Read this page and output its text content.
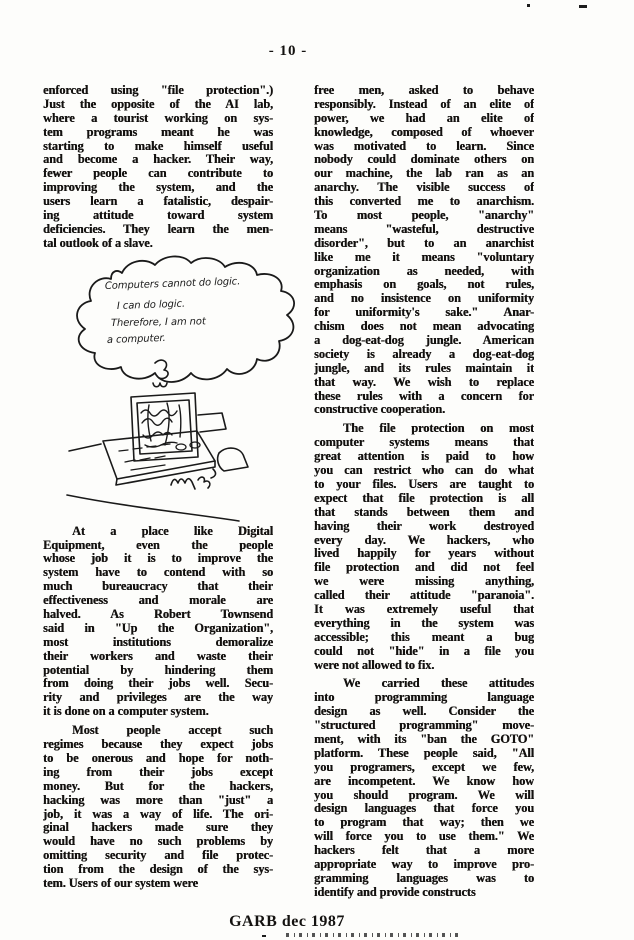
- 10 -
enforced using "file protection".)
Just the opposite of the AI lab,
where a tourist working on sys-
tem programs meant he was
starting to make himself useful
and become a hacker. Their way,
fewer people can contribute to
improving the system, and the
users learn a fatalistic, despair-
ing attitude toward system
deficiencies. They learn the men-
tal outlook of a slave.
Computers cannot do logic.
I can do logic.
Therefore, I am not
a computer.
At a place like Digital
Equipment, even the people
whose job it is to improve the
system have to contend with so
much bureaucracy that their
effectiveness and morale are
halved. As Robert Townsend
said in "Up the Organization",
most institutions demoralize
their workers and waste their
potential by hindering them
from doing their jobs well. Secu-
rity and privileges are the way
it is done on a computer system.
Most people accept such
regimes because they expect jobs
to be onerous and hope for noth-
ing from their jobs except
money. But for the hackers,
hacking was more than "just" a
job, it was a way of life. The ori-
ginal hackers made sure they
would have no such problems by
omitting security and file protec-
tion from the design of the sys-
tem. Users of our system were
free men, asked to behave
responsibly. Instead of an elite of
power, we had an elite of
knowledge, composed of whoever
was motivated to learn. Since
nobody could dominate others on
our machine, the lab ran as an
anarchy. The visible success of
this converted me to anarchism.
To most people, "anarchy"
means "wasteful, destructive
disorder", but to an anarchist
like me it means "voluntary
organization as needed, with
emphasis on goals, not rules,
and no insistence on uniformity
for uniformity's sake." Anar-
chism does not mean advocating
a dog-eat-dog jungle. American
society is already a dog-eat-dog
jungle, and its rules maintain it
that way. We wish to replace
these rules with a concern for
constructive cooperation.
The file protection on most
computer systems means that
great attention is paid to how
you can restrict who can do what
to your files. Users are taught to
expect that file protection is all
that stands between them and
having their work destroyed
every day. We hackers, who
lived happily for years without
file protection and did not feel
we were missing anything,
called their attitude "paranoia".
It was extremely useful that
everything in the system was
accessible; this meant a bug
could not "hide" in a file you
were not allowed to fix.
We carried these attitudes
into programming language
design as well. Consider the
"structured programming" move-
ment, with its "ban the GOTO"
platform. These people said, "All
you programers, except we few,
are incompetent. We know how
you should program. We will
design languages that force you
to program that way; then we
will force you to use them." We
hackers felt that a more
appropriate way to improve pro-
gramming languages was to
identify and provide constructs
GARB dec 1987
